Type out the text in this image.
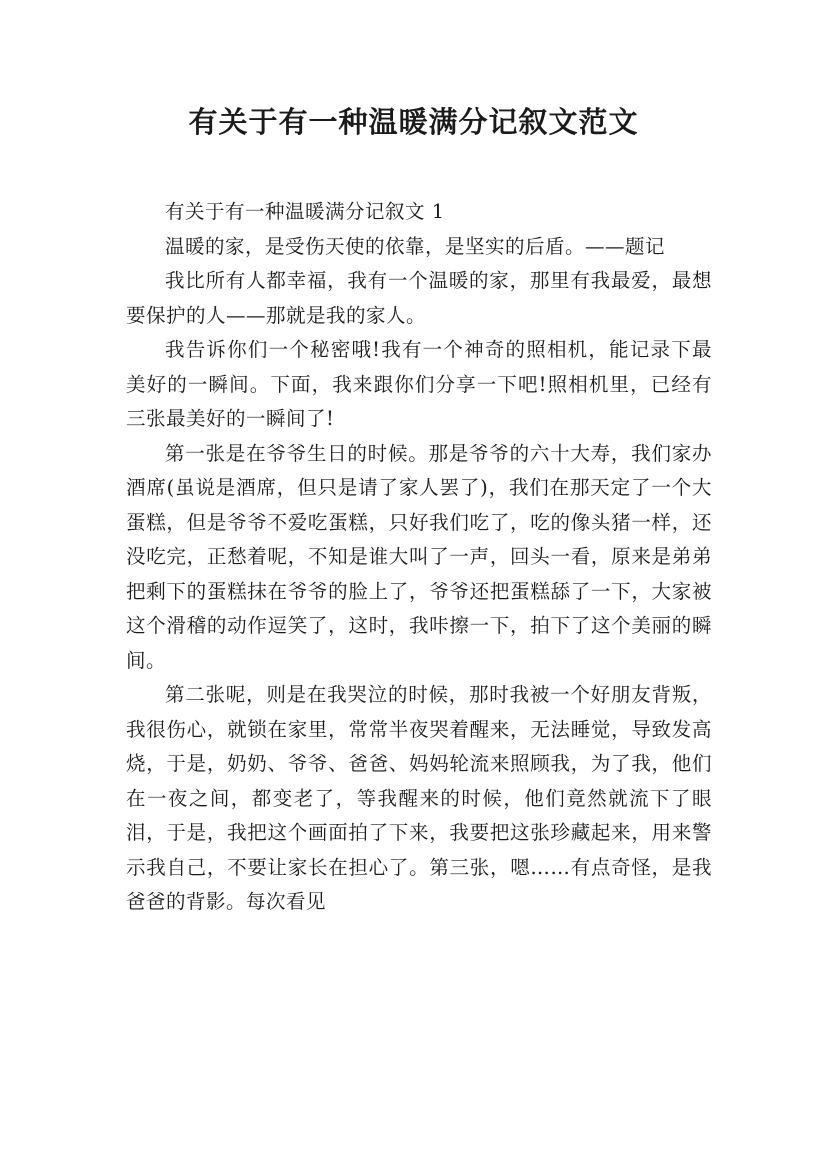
有关于有一种温暖满分记叙文范文

有关于有一种温暖满分记叙文 1

温暖的家，是受伤天使的依靠，是坚实的后盾。——题记

我比所有人都幸福，我有一个温暖的家，那里有我最爱，最想要保护的人——那就是我的家人。

我告诉你们一个秘密哦!我有一个神奇的照相机，能记录下最美好的一瞬间。下面，我来跟你们分享一下吧!照相机里，已经有三张最美好的一瞬间了!

第一张是在爷爷生日的时候。那是爷爷的六十大寿，我们家办酒席(虽说是酒席，但只是请了家人罢了)，我们在那天定了一个大蛋糕，但是爷爷不爱吃蛋糕，只好我们吃了，吃的像头猪一样，还没吃完，正愁着呢，不知是谁大叫了一声，回头一看，原来是弟弟把剩下的蛋糕抹在爷爷的脸上了，爷爷还把蛋糕舔了一下，大家被这个滑稽的动作逗笑了，这时，我咔擦一下，拍下了这个美丽的瞬间。

第二张呢，则是在我哭泣的时候，那时我被一个好朋友背叛，我很伤心，就锁在家里，常常半夜哭着醒来，无法睡觉，导致发高烧，于是，奶奶、爷爷、爸爸、妈妈轮流来照顾我，为了我，他们在一夜之间，都变老了，等我醒来的时候，他们竟然就流下了眼泪，于是，我把这个画面拍了下来，我要把这张珍藏起来，用来警示我自己，不要让家长在担心了。第三张，嗯……有点奇怪，是我爸爸的背影。每次看见
